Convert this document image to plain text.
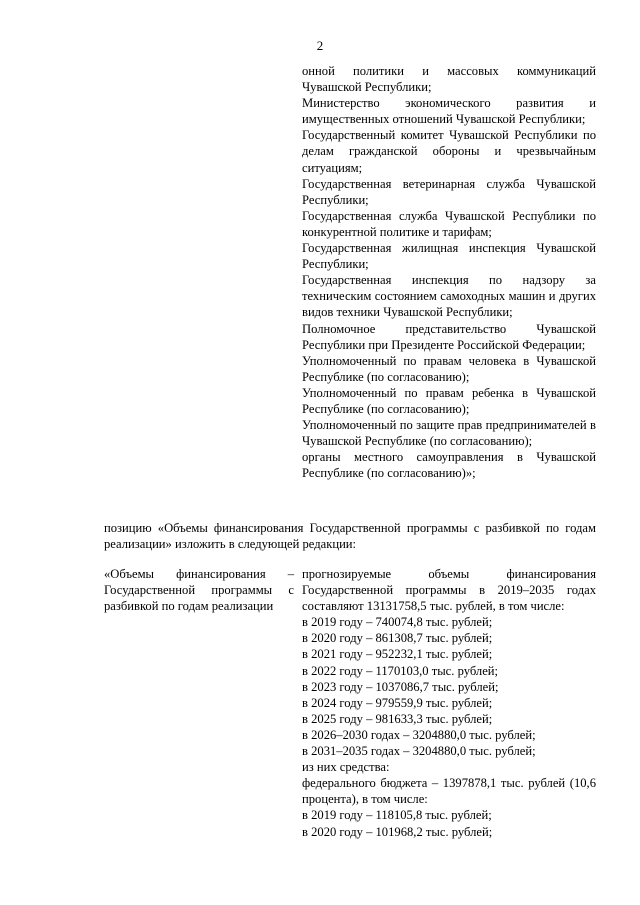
2
онной политики и массовых коммуникаций Чувашской Республики;
Министерство экономического развития и имущественных отношений Чувашской Республики;
Государственный комитет Чувашской Республики по делам гражданской обороны и чрезвычайным ситуациям;
Государственная ветеринарная служба Чувашской Республики;
Государственная служба Чувашской Республики по конкурентной политике и тарифам;
Государственная жилищная инспекция Чувашской Республики;
Государственная инспекция по надзору за техническим состоянием самоходных машин и других видов техники Чувашской Республики;
Полномочное представительство Чувашской Республики при Президенте Российской Федерации;
Уполномоченный по правам человека в Чувашской Республике (по согласованию);
Уполномоченный по правам ребенка в Чувашской Республике (по согласованию);
Уполномоченный по защите прав предпринимателей в Чувашской Республике (по согласованию);
органы местного самоуправления в Чувашской Республике (по согласованию)»;
позицию «Объемы финансирования Государственной программы с разбивкой по годам реализации» изложить в следующей редакции:
«Объемы финансирования – Государственной программы с разбивкой по годам реализации
прогнозируемые объемы финансирования Государственной программы в 2019–2035 годах составляют 13131758,5 тыс. рублей, в том числе:
в 2019 году – 740074,8 тыс. рублей;
в 2020 году – 861308,7 тыс. рублей;
в 2021 году – 952232,1 тыс. рублей;
в 2022 году – 1170103,0 тыс. рублей;
в 2023 году – 1037086,7 тыс. рублей;
в 2024 году – 979559,9 тыс. рублей;
в 2025 году – 981633,3 тыс. рублей;
в 2026–2030 годах – 3204880,0 тыс. рублей;
в 2031–2035 годах – 3204880,0 тыс. рублей;
из них средства:
федерального бюджета – 1397878,1 тыс. рублей (10,6 процента), в том числе:
в 2019 году – 118105,8 тыс. рублей;
в 2020 году – 101968,2 тыс. рублей;
